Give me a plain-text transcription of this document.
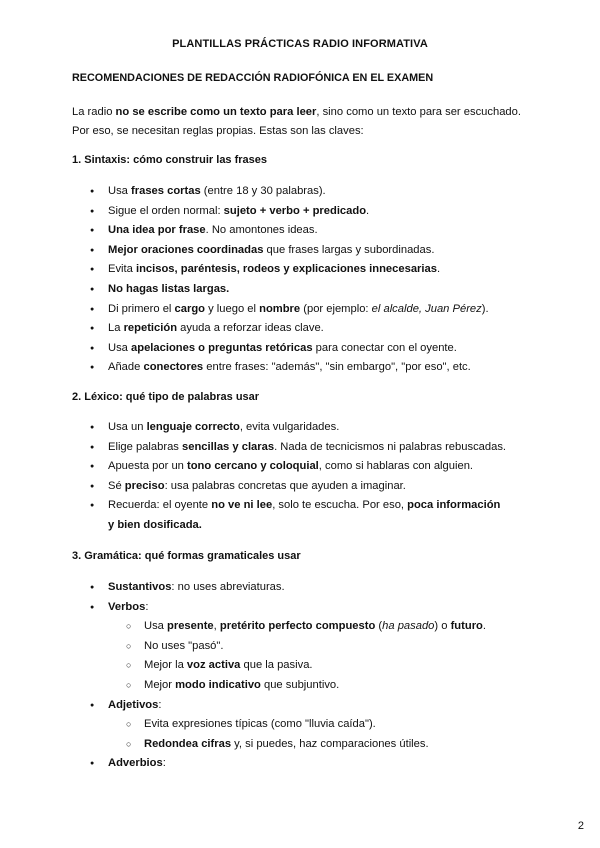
PLANTILLAS PRÁCTICAS RADIO INFORMATIVA
RECOMENDACIONES DE REDACCIÓN RADIOFÓNICA EN EL EXAMEN

La radio no se escribe como un texto para leer, sino como un texto para ser escuchado.

Por eso, se necesitan reglas propias. Estas son las claves:

1. Sintaxis: cómo construir las frases
● Usa frases cortas (entre 18 y 30 palabras).
● Sigue el orden normal: sujeto + verbo + predicado.
● Una idea por frase. No amontones ideas.
● Mejor oraciones coordinadas que frases largas y subordinadas.
● Evita incisos, paréntesis, rodeos y explicaciones innecesarias.
● No hagas listas largas.
● Di primero el cargo y luego el nombre (por ejemplo: el alcalde, Juan Pérez).
● La repetición ayuda a reforzar ideas clave.
● Usa apelaciones o preguntas retóricas para conectar con el oyente.
● Añade conectores entre frases: "además", "sin embargo", "por eso", etc.
2. Léxico: qué tipo de palabras usar
● Usa un lenguaje correcto, evita vulgaridades.
● Elige palabras sencillas y claras. Nada de tecnicismos ni palabras rebuscadas.
● Apuesta por un tono cercano y coloquial, como si hablaras con alguien.
● Sé preciso: usa palabras concretas que ayuden a imaginar.
● Recuerda: el oyente no ve ni lee, solo te escucha. Por eso, poca información y bien dosificada.
3. Gramática: qué formas gramaticales usar
● Sustantivos: no uses abreviaturas.
● Verbos:
○ Usa presente, pretérito perfecto compuesto (ha pasado) o futuro.
○ No uses "pasó".
○ Mejor la voz activa que la pasiva.
○ Mejor modo indicativo que subjuntivo.
● Adjetivos:
○ Evita expresiones típicas (como "lluvia caída").
○ Redondea cifras y, si puedes, haz comparaciones útiles.
● Adverbios:
2
